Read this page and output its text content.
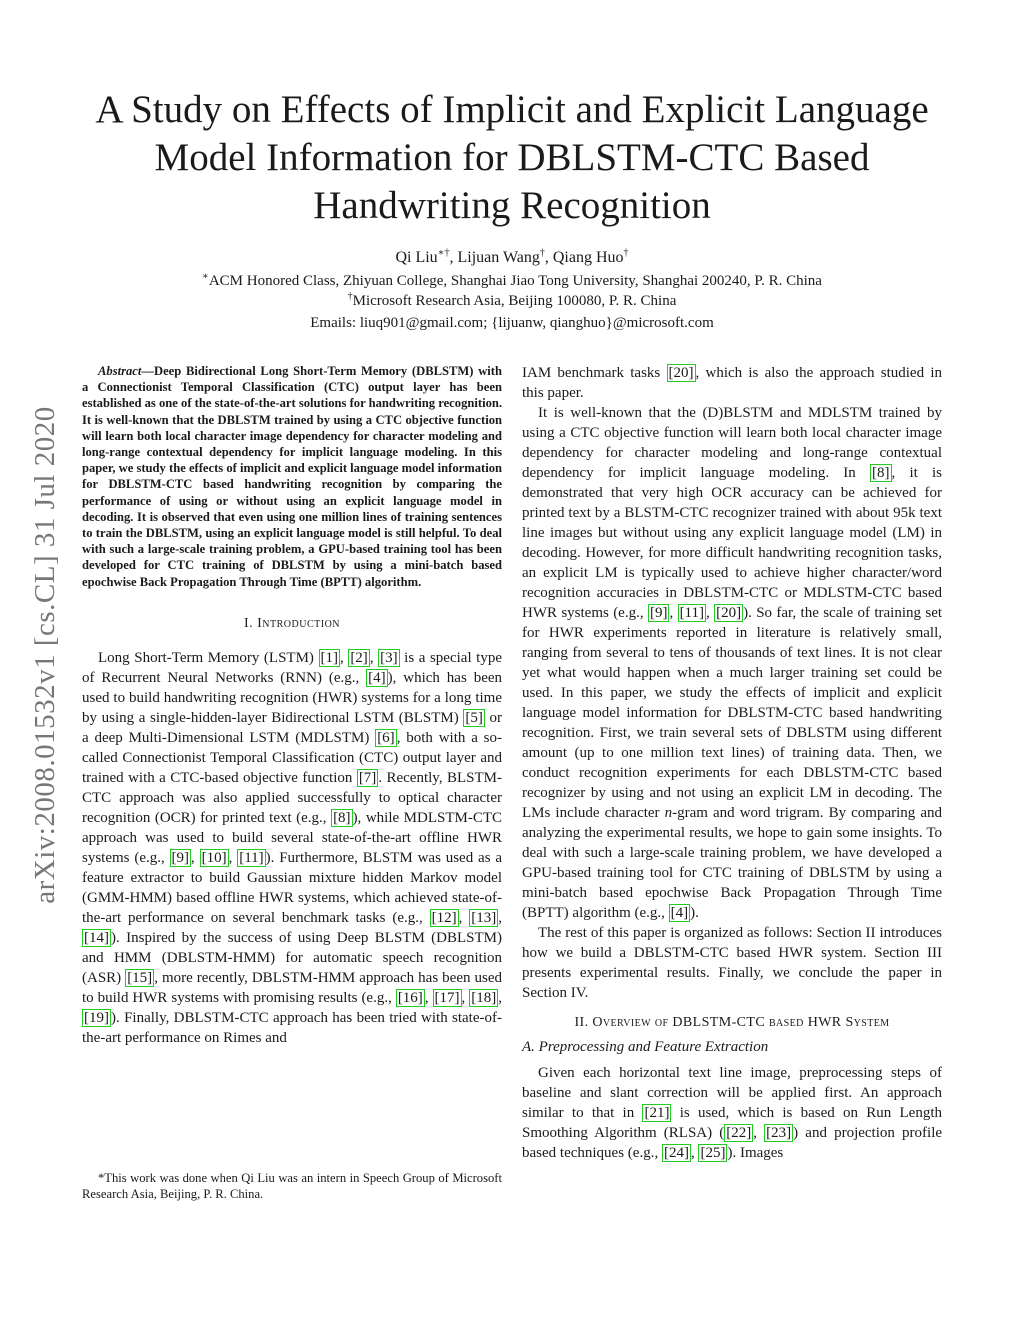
A Study on Effects of Implicit and Explicit Language Model Information for DBLSTM-CTC Based Handwriting Recognition
Qi Liu∗†, Lijuan Wang†, Qiang Huo†
∗ACM Honored Class, Zhiyuan College, Shanghai Jiao Tong University, Shanghai 200240, P. R. China
†Microsoft Research Asia, Beijing 100080, P. R. China
Emails: liuq901@gmail.com; {lijuanw, qianghuo}@microsoft.com
arXiv:2008.01532v1 [cs.CL] 31 Jul 2020

Abstract—Deep Bidirectional Long Short-Term Memory (DBLSTM) with a Connectionist Temporal Classification (CTC) output layer has been established as one of the state-of-the-art solutions for handwriting recognition. It is well-known that the DBLSTM trained by using a CTC objective function will learn both local character image dependency for character modeling and long-range contextual dependency for implicit language modeling. In this paper, we study the effects of implicit and explicit language model information for DBLSTM-CTC based handwriting recognition by comparing the performance of using or without using an explicit language model in decoding. It is observed that even using one million lines of training sentences to train the DBLSTM, using an explicit language model is still helpful. To deal with such a large-scale training problem, a GPU-based training tool has been developed for CTC training of DBLSTM by using a mini-batch based epochwise Back Propagation Through Time (BPTT) algorithm.

I. Introduction

Long Short-Term Memory (LSTM) [1] , [2] , [3] is a special type of Recurrent Neural Networks (RNN) (e.g., [4] ), which has been used to build handwriting recognition (HWR) systems for a long time by using a single-hidden-layer Bidirectional LSTM (BLSTM) [5] or a deep Multi-Dimensional LSTM (MDLSTM) [6] , both with a so-called Connectionist Temporal Classification (CTC) output layer and trained with a CTC-based objective function [7] . Recently, BLSTM-CTC approach was also applied successfully to optical character recognition (OCR) for printed text (e.g., [8] ), while MDLSTM-CTC approach was used to build several state-of-the-art offline HWR systems (e.g., [9] , [10] , [11] ). Furthermore, BLSTM was used as a feature extractor to build Gaussian mixture hidden Markov model (GMM-HMM) based offline HWR systems, which achieved state-of-the-art performance on several benchmark tasks (e.g., [12] , [13] , [14] ). Inspired by the success of using Deep BLSTM (DBLSTM) and HMM (DBLSTM-HMM) for automatic speech recognition (ASR) [15] , more recently, DBLSTM-HMM approach has been used to build HWR systems with promising results (e.g., [16] , [17] , [18] , [19] ). Finally, DBLSTM-CTC approach has been tried with state-of-the-art performance on Rimes and

*This work was done when Qi Liu was an intern in Speech Group of Microsoft Research Asia, Beijing, P. R. China.

IAM benchmark tasks [20] , which is also the approach studied in this paper.

It is well-known that the (D)BLSTM and MDLSTM trained by using a CTC objective function will learn both local character image dependency for character modeling and long-range contextual dependency for implicit language modeling. In [8] , it is demonstrated that very high OCR accuracy can be achieved for printed text by a BLSTM-CTC recognizer trained with about 95k text line images but without using any explicit language model (LM) in decoding. However, for more difficult handwriting recognition tasks, an explicit LM is typically used to achieve higher character/word recognition accuracies in DBLSTM-CTC or MDLSTM-CTC based HWR systems (e.g., [9] , [11] , [20] ). So far, the scale of training set for HWR experiments reported in literature is relatively small, ranging from several to tens of thousands of text lines. It is not clear yet what would happen when a much larger training set could be used. In this paper, we study the effects of implicit and explicit language model information for DBLSTM-CTC based handwriting recognition. First, we train several sets of DBLSTM using different amount (up to one million text lines) of training data. Then, we conduct recognition experiments for each DBLSTM-CTC based recognizer by using and not using an explicit LM in decoding. The LMs include character n-gram and word trigram. By comparing and analyzing the experimental results, we hope to gain some insights. To deal with such a large-scale training problem, we have developed a GPU-based training tool for CTC training of DBLSTM by using a mini-batch based epochwise Back Propagation Through Time (BPTT) algorithm (e.g., [4] ).

The rest of this paper is organized as follows: Section II introduces how we build a DBLSTM-CTC based HWR system. Section III presents experimental results. Finally, we conclude the paper in Section IV.

II. Overview of DBLSTM-CTC based HWR System
A. Preprocessing and Feature Extraction

Given each horizontal text line image, preprocessing steps of baseline and slant correction will be applied first. An approach similar to that in [21] is used, which is based on Run Length Smoothing Algorithm (RLSA) ( [22] , [23] ) and projection profile based techniques (e.g., [24] , [25] ). Images
